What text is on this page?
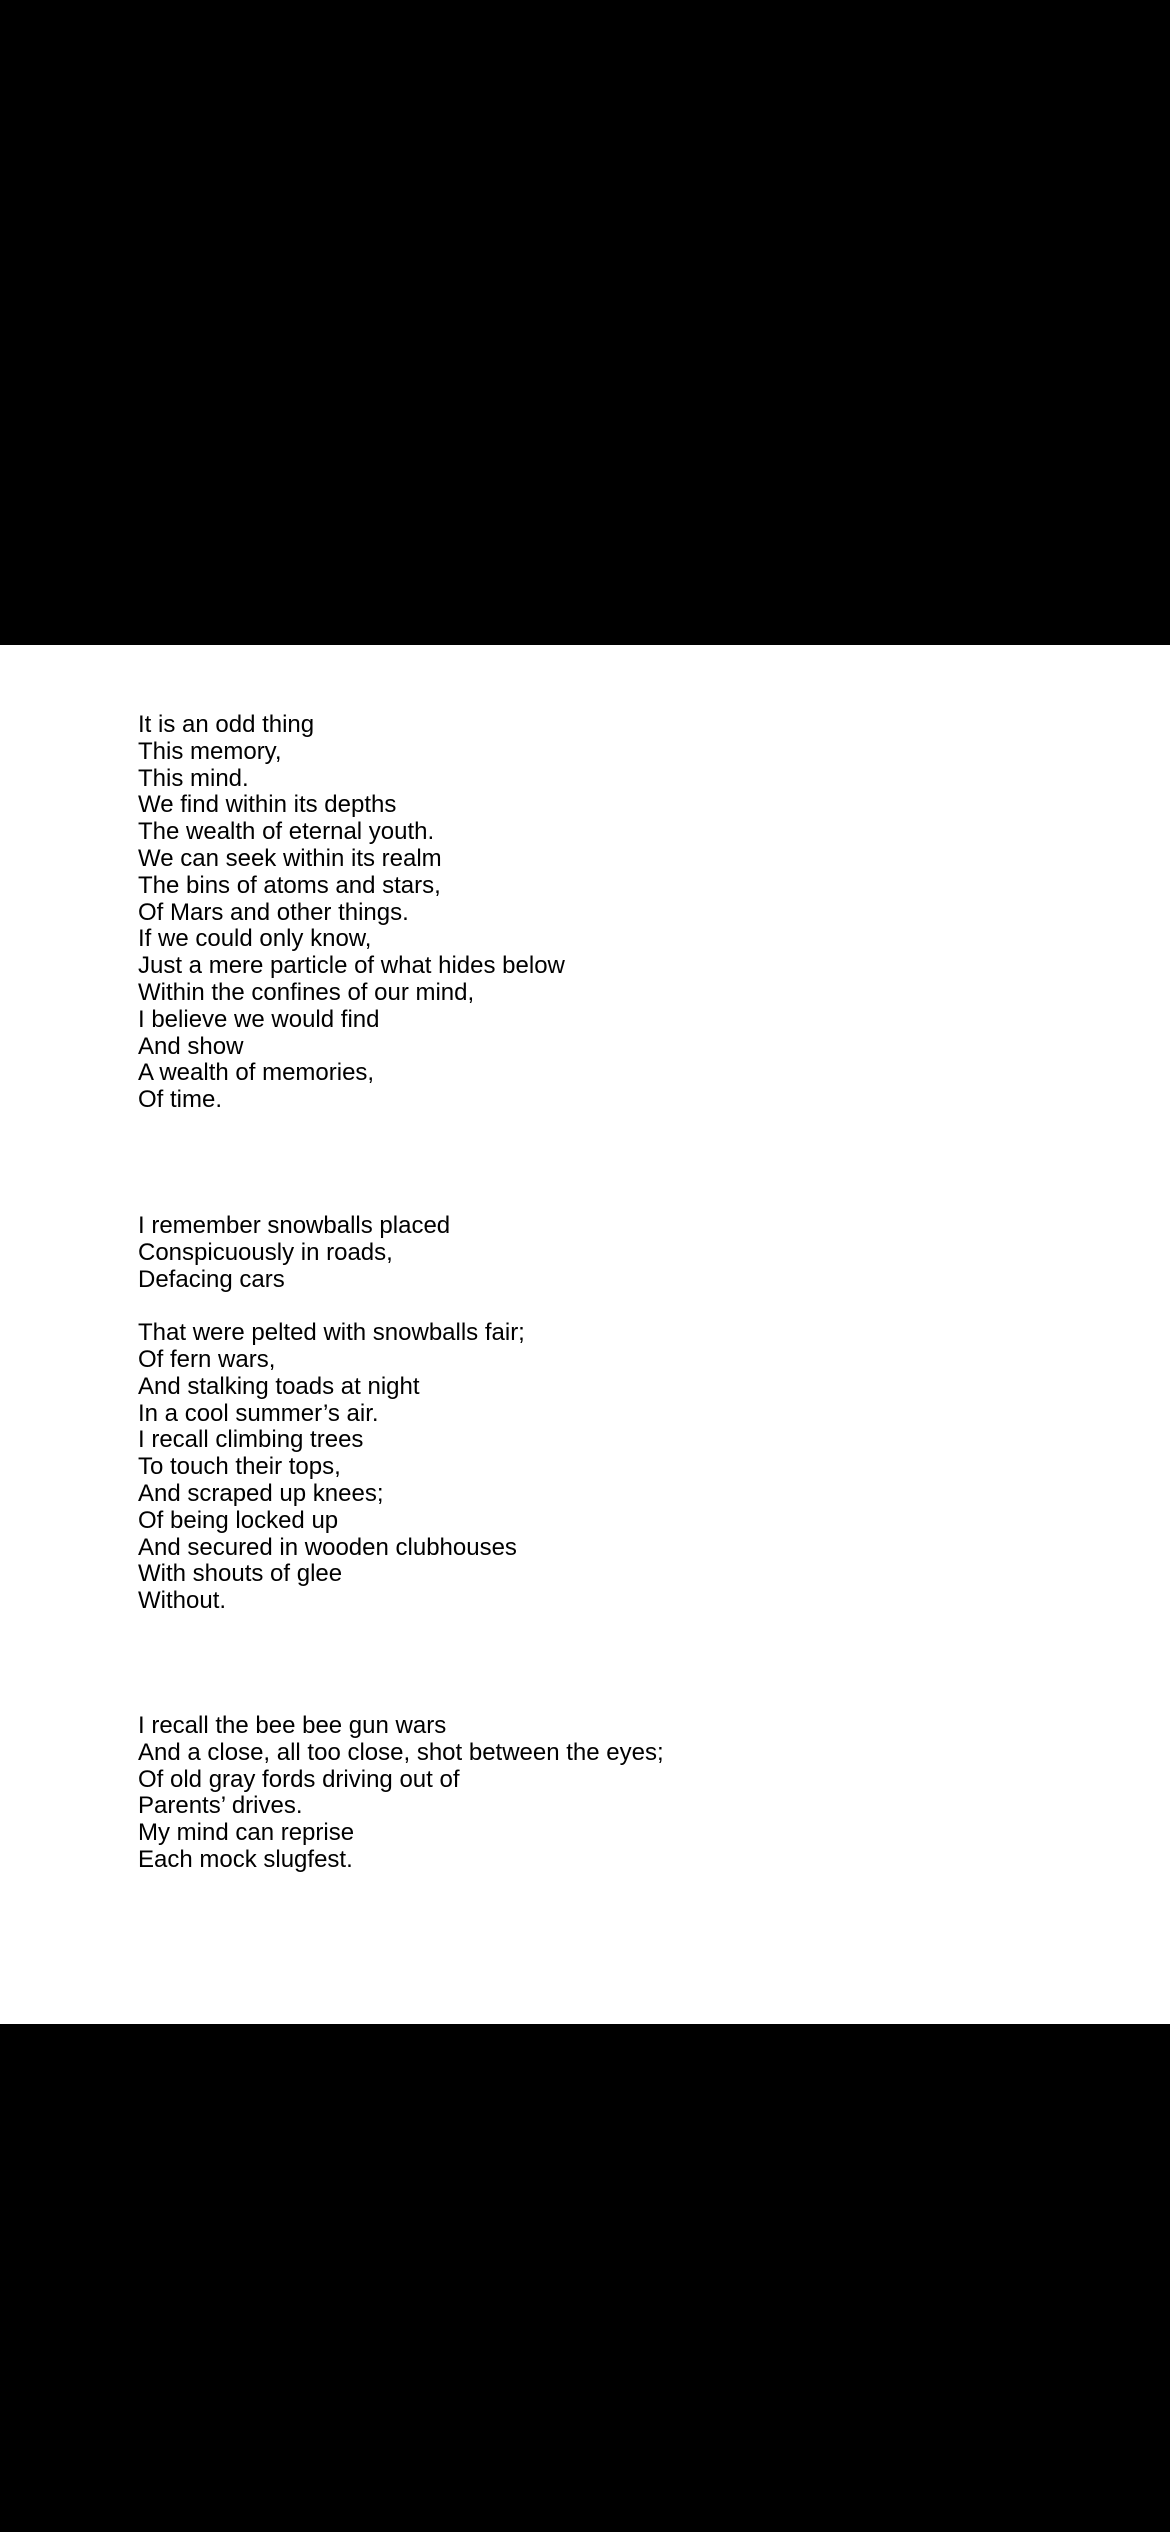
It is an odd thing
This memory,
This mind.
We find within its depths
The wealth of eternal youth.
We can seek within its realm
The bins of atoms and stars,
Of Mars and other things.
If we could only know,
Just a mere particle of what hides below
Within the confines of our mind,
I believe we would find
And show
A wealth of memories,
Of time.
I remember snowballs placed
Conspicuously in roads,
Defacing cars
That were pelted with snowballs fair;
Of fern wars,
And stalking toads at night
In a cool summer’s air.
I recall climbing trees
To touch their tops,
And scraped up knees;
Of being locked up
And secured in wooden clubhouses
With shouts of glee
Without.
I recall the bee bee gun wars
And a close, all too close, shot between the eyes;
Of old gray fords driving out of
Parents’ drives.
My mind can reprise
Each mock slugfest.
